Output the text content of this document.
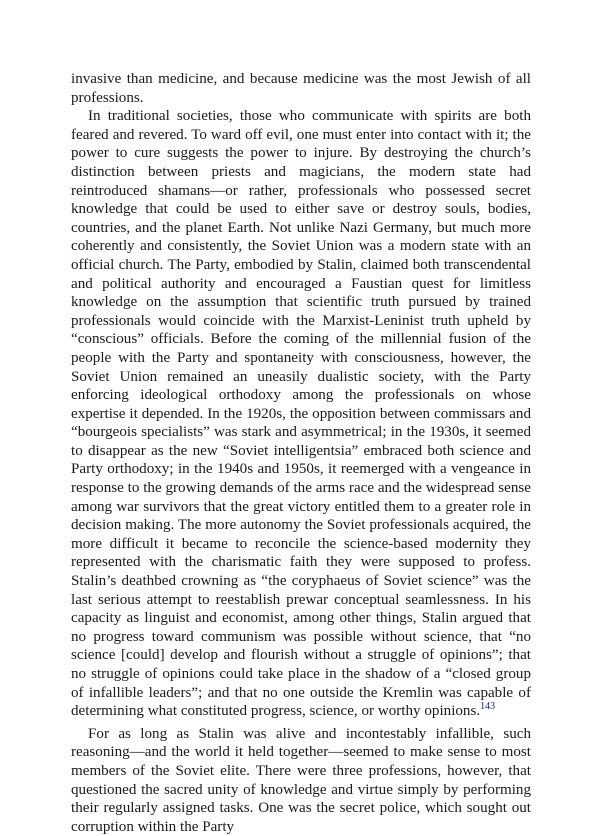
invasive than medicine, and because medicine was the most Jewish of all professions.

In traditional societies, those who communicate with spirits are both feared and revered. To ward off evil, one must enter into contact with it; the power to cure suggests the power to injure. By destroying the church’s distinction between priests and magicians, the modern state had reintroduced shamans—or rather, professionals who possessed secret knowledge that could be used to either save or destroy souls, bodies, countries, and the planet Earth. Not unlike Nazi Germany, but much more coherently and consistently, the Soviet Union was a modern state with an official church. The Party, embodied by Stalin, claimed both transcendental and political authority and encouraged a Faustian quest for limitless knowledge on the assumption that scientific truth pursued by trained professionals would coincide with the Marxist-Leninist truth upheld by “conscious” officials. Before the coming of the millennial fusion of the people with the Party and spontaneity with consciousness, however, the Soviet Union remained an uneasily dualistic society, with the Party enforcing ideological orthodoxy among the professionals on whose expertise it depended. In the 1920s, the opposition between commissars and “bourgeois specialists” was stark and asymmetrical; in the 1930s, it seemed to disappear as the new “Soviet intelligentsia” embraced both science and Party orthodoxy; in the 1940s and 1950s, it reemerged with a vengeance in response to the growing demands of the arms race and the widespread sense among war survivors that the great victory entitled them to a greater role in decision making. The more autonomy the Soviet professionals acquired, the more difficult it became to reconcile the science-based modernity they represented with the charismatic faith they were supposed to profess. Stalin’s deathbed crowning as “the coryphaeus of Soviet science” was the last serious attempt to reestablish prewar conceptual seamlessness. In his capacity as linguist and economist, among other things, Stalin argued that no progress toward communism was possible without science, that “no science [could] develop and flourish without a struggle of opinions”; that no struggle of opinions could take place in the shadow of a “closed group of infallible leaders”; and that no one outside the Kremlin was capable of determining what constituted progress, science, or worthy opinions.$^{143}$

For as long as Stalin was alive and incontestably infallible, such reasoning—and the world it held together—seemed to make sense to most members of the Soviet elite. There were three professions, however, that questioned the sacred unity of knowledge and virtue simply by performing their regularly assigned tasks. One was the secret police, which sought out corruption within the Party
